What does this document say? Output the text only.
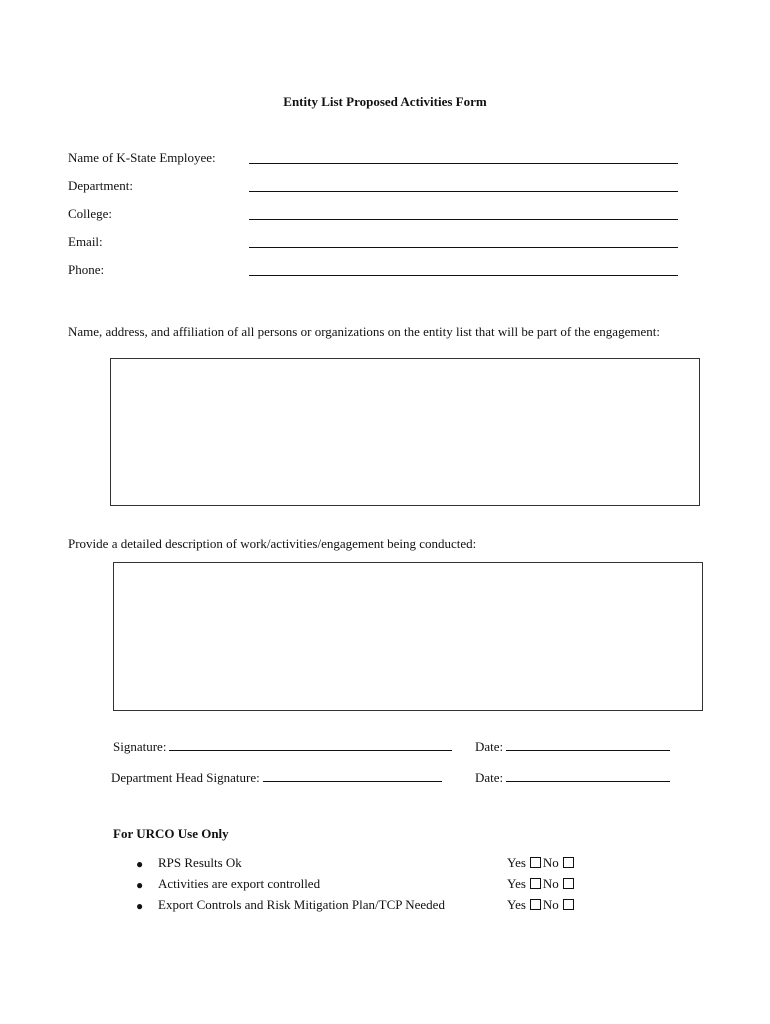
Entity List Proposed Activities Form
Name of K-State Employee:
Department:
College:
Email:
Phone:
Name, address, and affiliation of all persons or organizations on the entity list that will be part of the engagement:
Provide a detailed description of work/activities/engagement being conducted:
Signature:	Date:
Department Head Signature:	Date:
For URCO Use Only
● RPS Results Ok	Yes No
● Activities are export controlled	Yes No
● Export Controls and Risk Mitigation Plan/TCP Needed	Yes No
